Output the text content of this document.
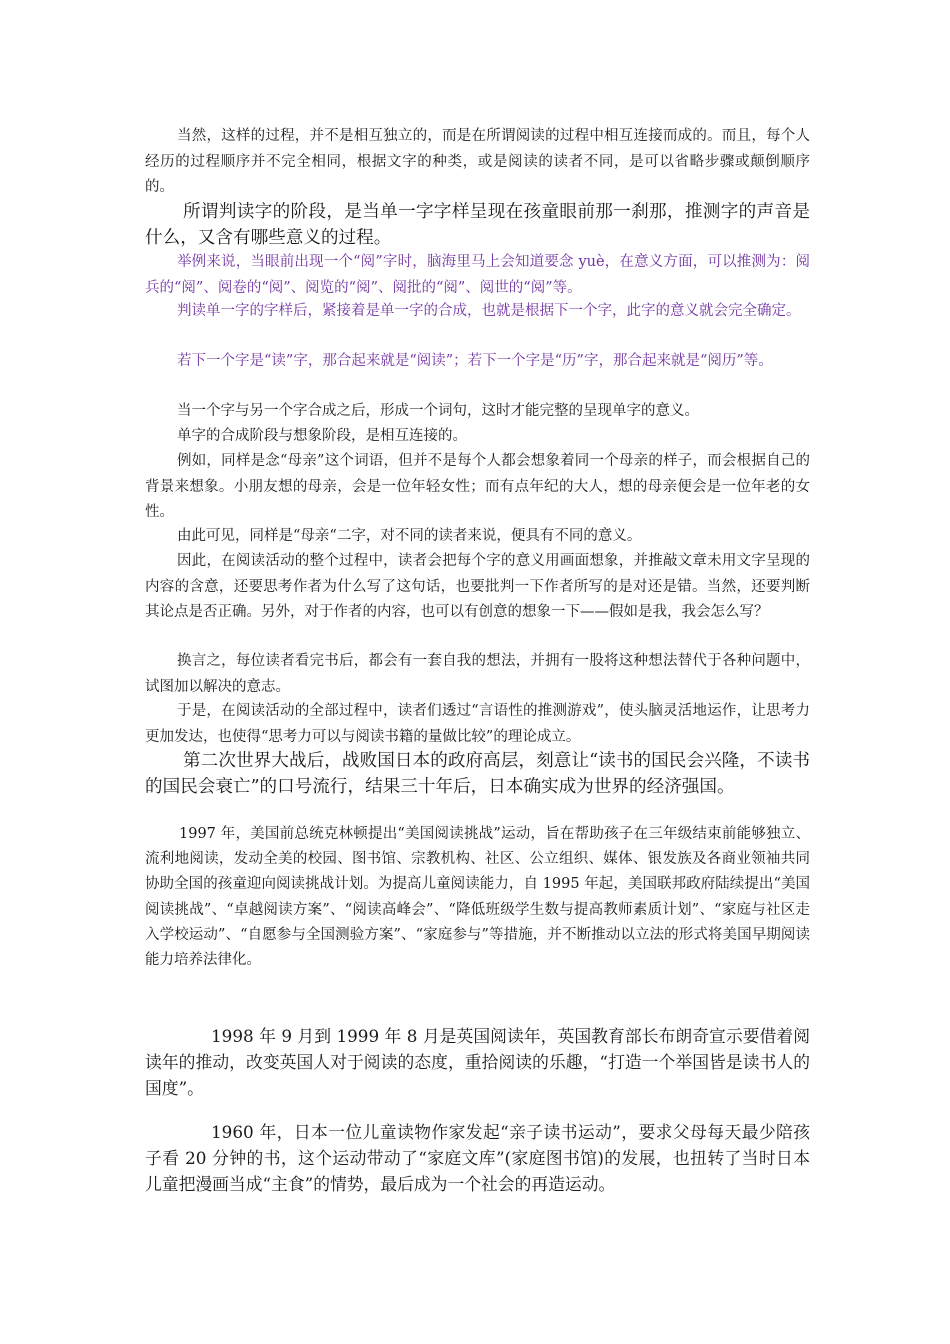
当然，这样的过程，并不是相互独立的，而是在所谓阅读的过程中相互连接而成的。而且，每个人经历的过程顺序并不完全相同，根据文字的种类，或是阅读的读者不同，是可以省略步骤或颠倒顺序的。

所谓判读字的阶段，是当单一字字样呈现在孩童眼前那一刹那，推测字的声音是什么，又含有哪些意义的过程。

举例来说，当眼前出现一个“阅”字时，脑海里马上会知道要念 yuè，在意义方面，可以推测为：阅兵的“阅”、阅卷的“阅”、阅览的“阅”、阅批的“阅”、阅世的“阅”等。

判读单一字的字样后，紧接着是单一字的合成，也就是根据下一个字，此字的意义就会完全确定。

若下一个字是“读”字，那合起来就是“阅读”；若下一个字是“历”字，那合起来就是“阅历”等。

当一个字与另一个字合成之后，形成一个词句，这时才能完整的呈现单字的意义。

单字的合成阶段与想象阶段，是相互连接的。

例如，同样是念“母亲”这个词语，但并不是每个人都会想象着同一个母亲的样子，而会根据自己的背景来想象。小朋友想的母亲，会是一位年轻女性；而有点年纪的大人，想的母亲便会是一位年老的女性。

由此可见，同样是“母亲“二字，对不同的读者来说，便具有不同的意义。

因此，在阅读活动的整个过程中，读者会把每个字的意义用画面想象，并推敲文章未用文字呈现的内容的含意，还要思考作者为什么写了这句话，也要批判一下作者所写的是对还是错。当然，还要判断其论点是否正确。另外，对于作者的内容，也可以有创意的想象一下——假如是我，我会怎么写？

换言之，每位读者看完书后，都会有一套自我的想法，并拥有一股将这种想法替代于各种问题中，试图加以解决的意志。

于是，在阅读活动的全部过程中，读者们透过“言语性的推测游戏”，使头脑灵活地运作，让思考力更加发达，也使得“思考力可以与阅读书籍的量做比较”的理论成立。

第二次世界大战后，战败国日本的政府高层，刻意让“读书的国民会兴隆，不读书的国民会衰亡”的口号流行，结果三十年后，日本确实成为世界的经济强国。

1997 年，美国前总统克林顿提出“美国阅读挑战”运动，旨在帮助孩子在三年级结束前能够独立、流利地阅读，发动全美的校园、图书馆、宗教机构、社区、公立组织、媒体、银发族及各商业领袖共同协助全国的孩童迎向阅读挑战计划。为提高儿童阅读能力，自 1995 年起，美国联邦政府陆续提出“美国阅读挑战”、“卓越阅读方案”、“阅读高峰会”、“降低班级学生数与提高教师素质计划”、“家庭与社区走入学校运动”、“自愿参与全国测验方案”、“家庭参与”等措施，并不断推动以立法的形式将美国早期阅读能力培养法律化。

1998 年 9 月到 1999 年 8 月是英国阅读年，英国教育部长布朗奇宣示要借着阅读年的推动，改变英国人对于阅读的态度，重拾阅读的乐趣，“打造一个举国皆是读书人的国度”。

1960 年，日本一位儿童读物作家发起“亲子读书运动”，要求父母每天最少陪孩子看 20 分钟的书，这个运动带动了“家庭文库”(家庭图书馆)的发展，也扭转了当时日本儿童把漫画当成“主食”的情势，最后成为一个社会的再造运动。
